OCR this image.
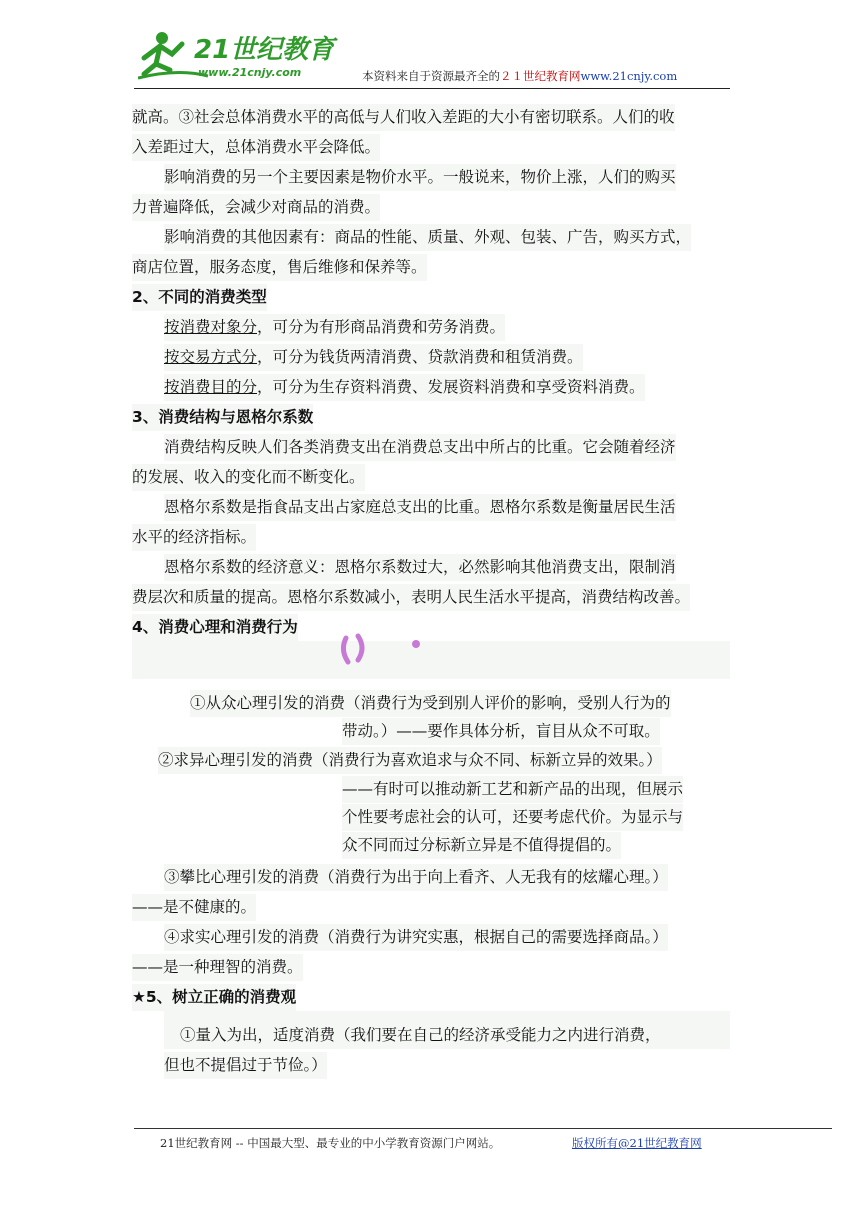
21世纪教育
www.21cnjy.com	本资料来自于资源最齐全的２１世纪教育网www.21cnjy.com
就高。③社会总体消费水平的高低与人们收入差距的大小有密切联系。人们的收
入差距过大，总体消费水平会降低。
影响消费的另一个主要因素是物价水平。一般说来，物价上涨，人们的购买
力普遍降低，会减少对商品的消费。
影响消费的其他因素有：商品的性能、质量、外观、包装、广告，购买方式，
商店位置，服务态度，售后维修和保养等。
2、不同的消费类型
按消费对象分，可分为有形商品消费和劳务消费。
按交易方式分，可分为钱货两清消费、贷款消费和租赁消费。
按消费目的分，可分为生存资料消费、发展资料消费和享受资料消费。
3、消费结构与恩格尔系数
消费结构反映人们各类消费支出在消费总支出中所占的比重。它会随着经济
的发展、收入的变化而不断变化。
恩格尔系数是指食品支出占家庭总支出的比重。恩格尔系数是衡量居民生活
水平的经济指标。
恩格尔系数的经济意义：恩格尔系数过大，必然影响其他消费支出，限制消
费层次和质量的提高。恩格尔系数减小，表明人民生活水平提高，消费结构改善。
4、消费心理和消费行为
①从众心理引发的消费（消费行为受到别人评价的影响，受别人行为的
带动。）——要作具体分析，盲目从众不可取。
②求异心理引发的消费（消费行为喜欢追求与众不同、标新立异的效果。）
——有时可以推动新工艺和新产品的出现，但展示
个性要考虑社会的认可，还要考虑代价。为显示与
众不同而过分标新立异是不值得提倡的。
③攀比心理引发的消费（消费行为出于向上看齐、人无我有的炫耀心理。）
——是不健康的。
④求实心理引发的消费（消费行为讲究实惠，根据自己的需要选择商品。）
——是一种理智的消费。
★5、树立正确的消费观
①量入为出，适度消费（我们要在自己的经济承受能力之内进行消费，
但也不提倡过于节俭。）
21世纪教育网 -- 中国最大型、最专业的中小学教育资源门户网站。	版权所有@21世纪教育网
